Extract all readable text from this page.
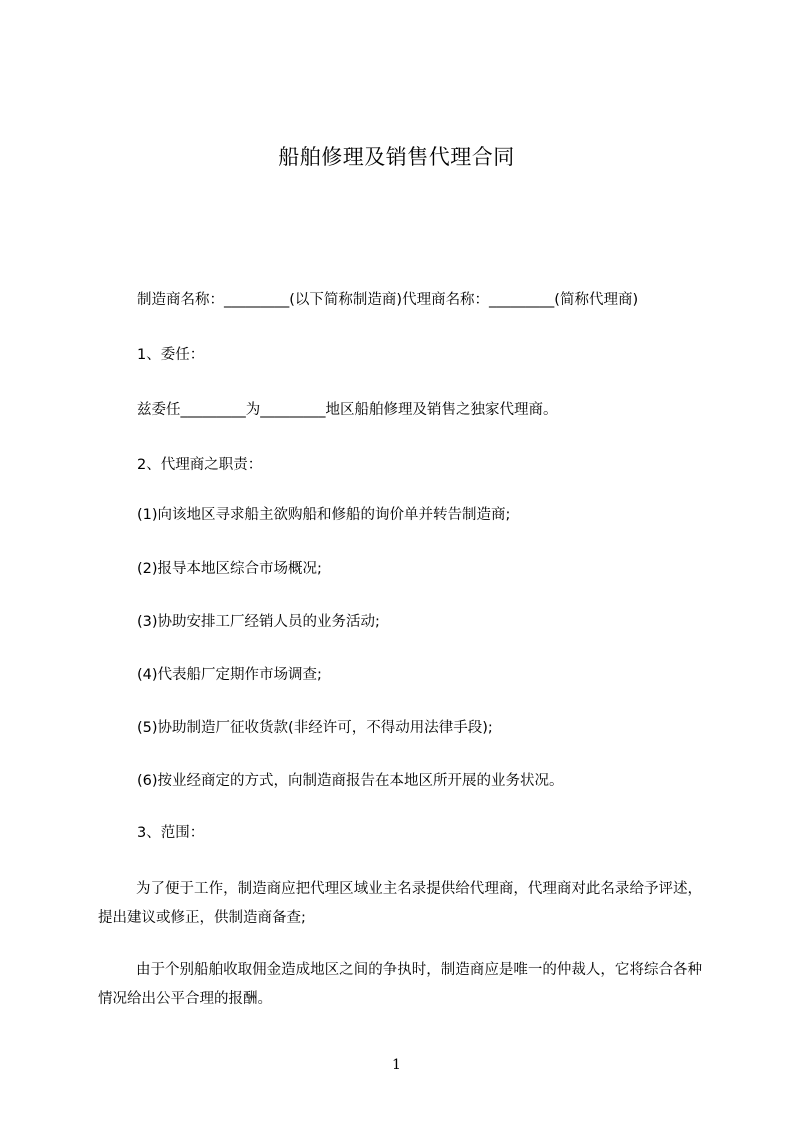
船舶修理及销售代理合同
制造商名称：_________(以下简称制造商)代理商名称：_________(简称代理商)
1、委任：
兹委任_________为_________地区船舶修理及销售之独家代理商。
2、代理商之职责：
(1)向该地区寻求船主欲购船和修船的询价单并转告制造商;
(2)报导本地区综合市场概况;
(3)协助安排工厂经销人员的业务活动;
(4)代表船厂定期作市场调查;
(5)协助制造厂征收货款(非经许可，不得动用法律手段);
(6)按业经商定的方式，向制造商报告在本地区所开展的业务状况。
3、范围：
为了便于工作，制造商应把代理区域业主名录提供给代理商，代理商对此名录给予评述，提出建议或修正，供制造商备查;
由于个别船舶收取佣金造成地区之间的争执时，制造商应是唯一的仲裁人，它将综合各种情况给出公平合理的报酬。
1
